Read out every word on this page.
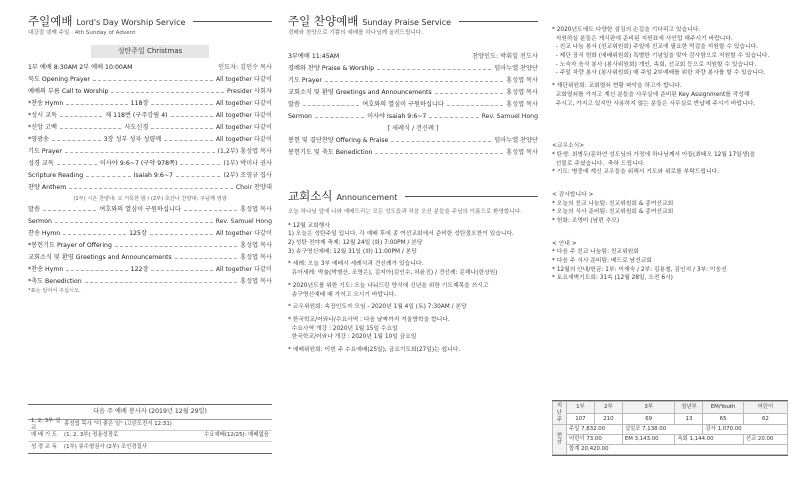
주일예배 Lord's Day Worship Service
대강절 넷째 주일 · 4th Sunday of Advent
성탄주일 Christmas
1부 예배 8:30AM 2부 예배 10:00AM	인도자: 김인수 목사
묵도 Opening Prayer	All together 다같이
예배의 부름 Call to Worship	Presider 사회자
*찬송 Hymn	118장	All together 다같이
*성시 교독	제 118번 (구주강림 4)	All together 다같이
*신앙 고백	사도신경	All together 다같이
*영광송	3장 성부 성자 성령께	All together 다같이
기도 Prayer	(1,2부) 홍성엽 목사
성경 교독	이사야 9:6~7 (구약 978쪽)	(1부) 박미나 권사
Scripture Reading	Isaiah 9:6~7	(2부) 조영규 집사
찬양 Anthem	Choir 찬양대
(1부) 시온 찬양대: 오 거룩한 밤 / (2부) 호산나 찬양대: 주님께 영광
말씀	여호와의 열심이 구원하십니다	홍성엽 목사
Sermon	Rev. Samuel Hong
찬송 Hymn	125장	All together 다같이
*봉헌기도 Prayer of Offering	홍성엽 목사
교회소식 및 환영 Greetings and Announcements	홍성엽 목사
*찬송 Hymn	122장	All together 다같이
*축도 Benediction	홍성엽 목사
*표는 일어서 주십시오.
다음 주 예배 봉사자 (2019년 12월 29일)
1, 2, 3부 설교
홍성엽 목사 "더 좋은 일" (고린도전서 12:31)
예 배 기 도	(1, 2, 3부) 정용성장로	수요예배(12/25): 예배없음
성 경 교 독	(1부) 류수형권사 (2부) 조인경집사
주일 찬양예배 Sunday Praise Service
경배와 찬양으로 기쁨의 예배를 하나님께 올려드립니다.
3부예배 11:45AM	찬양인도: 박휘일 전도사
경배와 찬양 Praise & Worship	임마누엘 찬양단
기도 Prayer	홍성엽 목사
교회소식 및 환영 Greetings and Announcements	홍성엽 목사
말씀	여호와의 열심이 구원하십니다	홍성엽 목사
Sermon	이사야 Isaiah 9:6~7	Rev. Samuel Hong
[ 세례식 / 견신례 ]
봉헌 및 결단찬양 Offering & Praise	임마누엘 찬양단
봉헌기도 및 축도 Benediction	홍성엽 목사
교회소식 Announcement
오늘 하나님 앞에 나와 예배드리는 모든 성도들과 처음 오신 분들을 주님의 이름으로 환영합니다.
* 12월 교회행사
1) 오늘은 성탄주일 입니다. 각 예배 후에 종 여선교회에서 준비한 성탄절오찬이 있습니다.
2) 성탄 전야제 축제: 12월 24일 (화) 7:00PM / 본당
3) 송구영신예배: 12월 31일 (화) 11:00PM / 본당

* 세례: 오늘 3부 예배시 세례식과 견신례가 있습니다.
유아세례: 박율(박형산, 조영은), 김지아(김인수, 허윤진) / 견신례: 문해나(한상원)

* 2020년도를 위한 기도: 오늘 나눠드린 양식에 신년을 위한 기도제목을 쓰시고
송구영신예배 때 가지고 오시기 바랍니다.

* 교우위원회: 속장인도자 모임 - 2020년 1월 4일 (토) 7:30AM / 본당

* 한국학교/어와나/수요사역 : 다음 날짜까지 겨울방학을 합니다.
수요사역 개강 : 2020년 1월 15일 수요일
한국학교/어와나 개강 : 2020년 1월 10일 금요일

* 예배위원회: 이번 주 수요예배(25일), 금요기도회(27일)는 쉽니다.
* 2020년도에도 다양한 섬김의 손길을 기다리고 있습니다.
지원하실 분들은 게시판에 준비된 지원표에 사인업 해주시기 바랍니다.
- 친교 나눔 봉사 (친교위원회) 주일에 친교에 필요한 먹걸을 지원할 수 있습니다.
- 제단 장식 헌화 (예배위원회) 특별한 기념일을 맞아 감사함으로 지원할 수 있습니다.
- 노숙자 음식 봉사 (봉사위원회) 개인, 속회, 선교회 등으로 지원할 수 있습니다.
- 주일 차량 봉사 (봉사위원회) 매 주일 2부예배를 위한 차량 봉사를 할 수 있습니다.

* 재단위원회: 교회열쇠 현황 파악을 하고자 합니다.
교회열쇠를 가지고 계신 분들을 사무실에 준비된 Key Assignment를 작성해
주시고, 가지고 있지만 사용하지 않는 분들은 사무실로 반납해 주시기 바랍니다.
<교우소식>
* 탄생: 최병두/문하연 성도님의 가정에 하나님께서 아들(최태오 12월 17일생)을
선물로 주셨습니다.  축하 드립니다.
* 기도: 병중에 계신 교우들을 위해서 기도와 위로를 부탁드립니다.
< 감사합니다 >
* 오늘의 친교 나눔팀: 친교위원회 & 종여선교회
* 오늘의 식사 준비팀: 친교위원회 & 종여선교회
* 헌화: 조영미 (남편 추모)
< 안내 >
* 다음 주 친교 나눔팀: 친교위원회
* 다음 주 식사 준비팀: 베드로 남선교회
* 12월의 안내/헌금: 1부: 이재숙 / 2부: 김용철, 김인지 / 3부: 이웅선
* 토요새벽기도회: 31속 (12월 28일, 오전 6시)
지난 주	1부	2부	3부	청년부	EM/Youth	어린이
	107	210	69	13	65	62
현금	주일 7,832.00		십일조 7,138.00		감사 1,070.00	
	어린이 73.00		EM 3,143.00	속회 1,144.00		선교 20.00
	합계 20,420.00					
